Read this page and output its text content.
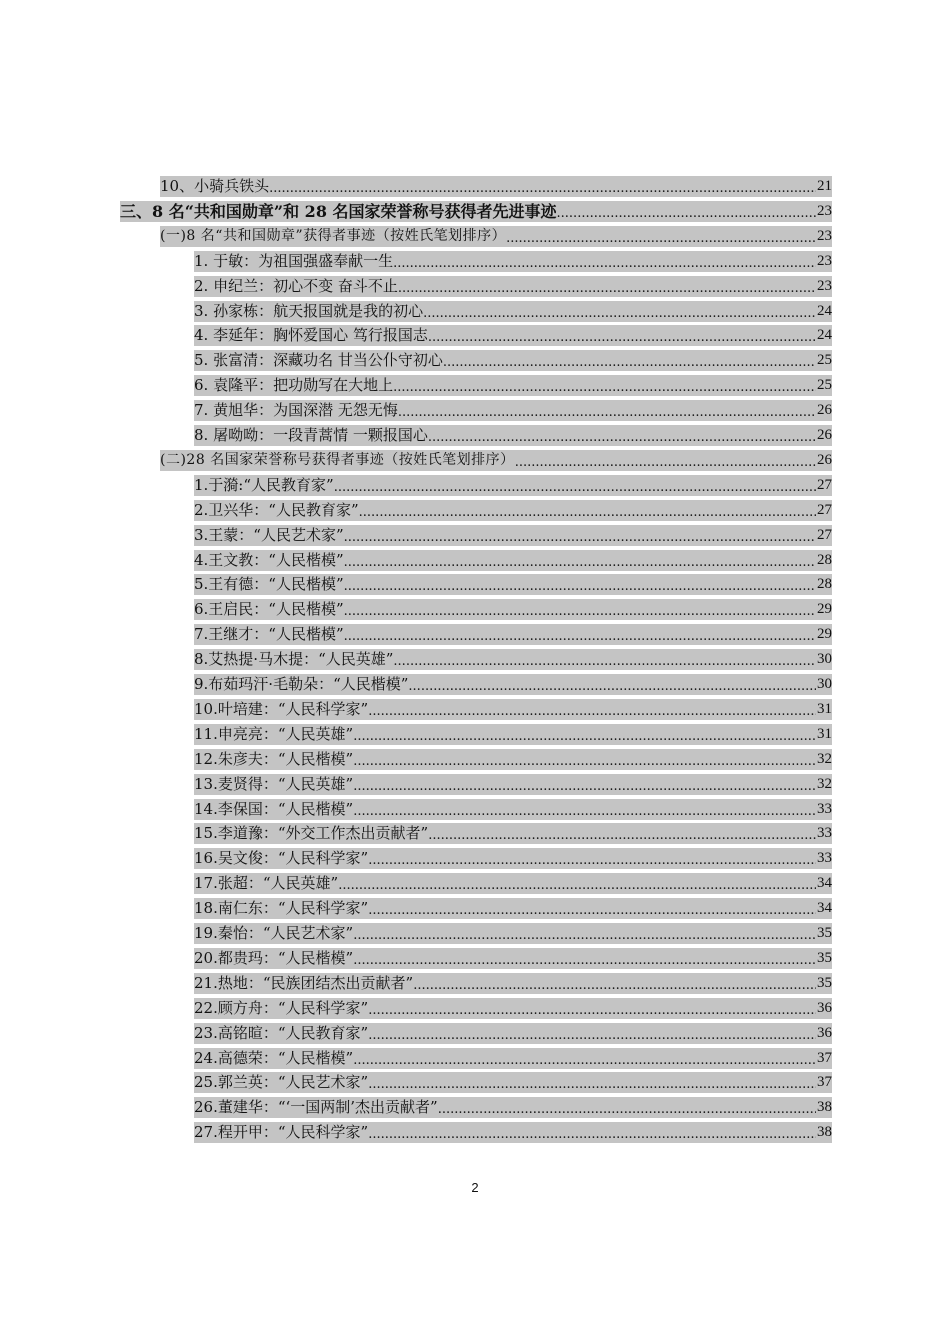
10、小骑兵铁头 .....	21
三、8 名“共和国勋章”和 28 名国家荣誉称号获得者先进事迹 .....	23
(一)8 名“共和国勋章”获得者事迹（按姓氏笔划排序） .....	23
1. 于敏：为祖国强盛奉献一生 .....	23
2. 申纪兰：初心不变 奋斗不止 .....	23
3. 孙家栋：航天报国就是我的初心 .....	24
4. 李延年：胸怀爱国心 笃行报国志 .....	24
5. 张富清：深藏功名 甘当公仆守初心 .....	25
6. 袁隆平：把功勋写在大地上 .....	25
7. 黄旭华：为国深潜 无怨无悔 .....	26
8. 屠呦呦：一段青蒿情 一颗报国心 .....	26
(二)28 名国家荣誉称号获得者事迹（按姓氏笔划排序） .....	26
1.于漪:“人民教育家” .....	27
2.卫兴华：“人民教育家” .....	27
3.王蒙：“人民艺术家” .....	27
4.王文教：“人民楷模” .....	28
5.王有德：“人民楷模” .....	28
6.王启民：“人民楷模” .....	29
7.王继才：“人民楷模” .....	29
8.艾热提·马木提：“人民英雄” .....	30
9.布茹玛汗·毛勒朵：“人民楷模” .....	30
10.叶培建：“人民科学家” .....	31
11.申亮亮：“人民英雄” .....	31
12.朱彦夫：“人民楷模” .....	32
13.麦贤得：“人民英雄” .....	32
14.李保国：“人民楷模” .....	33
15.李道豫：“外交工作杰出贡献者” .....	33
16.吴文俊：“人民科学家” .....	33
17.张超：“人民英雄” .....	34
18.南仁东：“人民科学家” .....	34
19.秦怡：“人民艺术家” .....	35
20.都贵玛：“人民楷模” .....	35
21.热地：“民族团结杰出贡献者” .....	35
22.顾方舟：“人民科学家” .....	36
23.高铭暄：“人民教育家” .....	36
24.高德荣：“人民楷模” .....	37
25.郭兰英：“人民艺术家” .....	37
26.董建华：“‘一国两制’杰出贡献者” .....	38
27.程开甲：“人民科学家” .....	38
2
